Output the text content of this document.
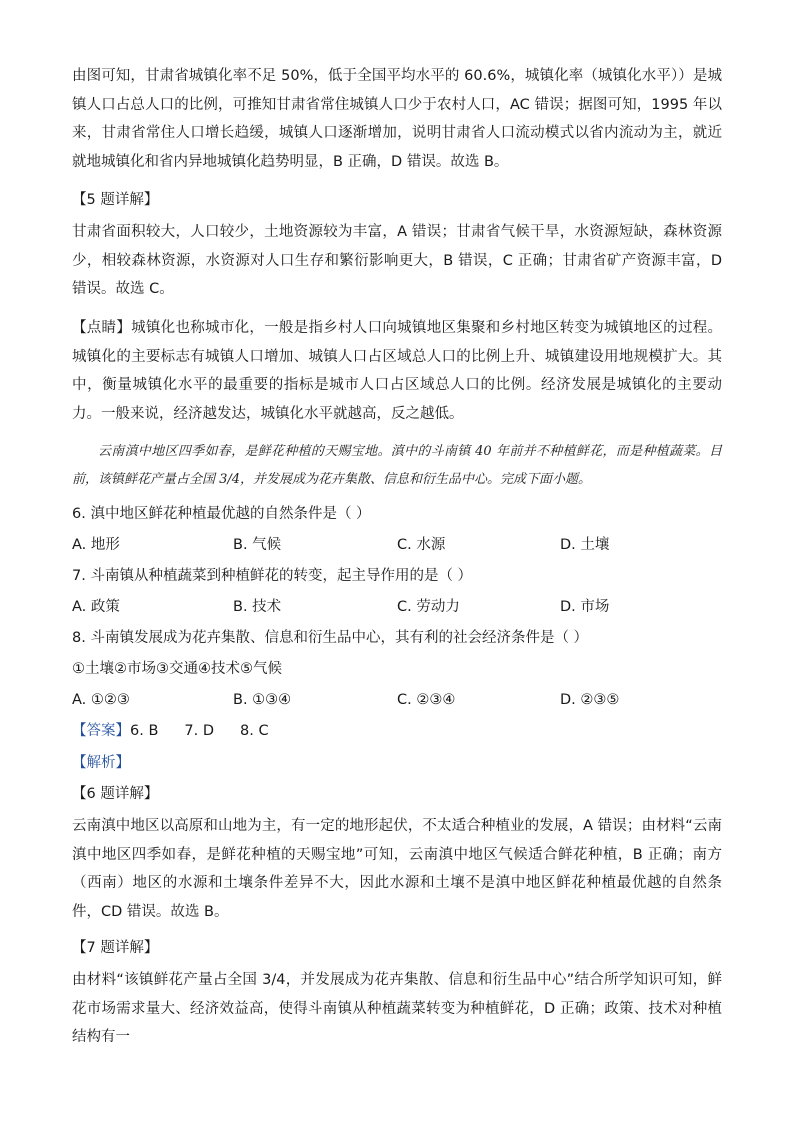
由图可知，甘肃省城镇化率不足 50%，低于全国平均水平的 60.6%，城镇化率（城镇化水平））是城镇人口占总人口的比例，可推知甘肃省常住城镇人口少于农村人口，AC 错误；据图可知，1995 年以来，甘肃省常住人口增长趋缓，城镇人口逐渐增加，说明甘肃省人口流动模式以省内流动为主，就近就地城镇化和省内异地城镇化趋势明显，B 正确，D 错误。故选 B。
【5 题详解】
甘肃省面积较大，人口较少，土地资源较为丰富，A 错误；甘肃省气候干旱，水资源短缺，森林资源少，相较森林资源，水资源对人口生存和繁衍影响更大，B 错误，C 正确；甘肃省矿产资源丰富，D 错误。故选 C。
【点睛】城镇化也称城市化，一般是指乡村人口向城镇地区集聚和乡村地区转变为城镇地区的过程。城镇化的主要标志有城镇人口增加、城镇人口占区域总人口的比例上升、城镇建设用地规模扩大。其中，衡量城镇化水平的最重要的指标是城市人口占区域总人口的比例。经济发展是城镇化的主要动力。一般来说，经济越发达，城镇化水平就越高，反之越低。
云南滇中地区四季如春，是鲜花种植的天赐宝地。滇中的斗南镇 40 年前并不种植鲜花，而是种植蔬菜。目前，该镇鲜花产量占全国 3/4，并发展成为花卉集散、信息和衍生品中心。完成下面小题。
6. 滇中地区鲜花种植最优越的自然条件是（ ）
A. 地形	B. 气候	C. 水源	D. 土壤
7. 斗南镇从种植蔬菜到种植鲜花的转变，起主导作用的是（ ）
A. 政策	B. 技术	C. 劳动力	D. 市场
8. 斗南镇发展成为花卉集散、信息和衍生品中心，其有利的社会经济条件是（ ）
①土壤②市场③交通④技术⑤气候
A. ①②③	B. ①③④	C. ②③④	D. ②③⑤
【答案】6. B 7. D 8. C
【解析】
【6 题详解】
云南滇中地区以高原和山地为主，有一定的地形起伏，不太适合种植业的发展，A 错误；由材料“云南滇中地区四季如春，是鲜花种植的天赐宝地”可知，云南滇中地区气候适合鲜花种植，B 正确；南方（西南）地区的水源和土壤条件差异不大，因此水源和土壤不是滇中地区鲜花种植最优越的自然条件，CD 错误。故选 B。
【7 题详解】
由材料“该镇鲜花产量占全国 3/4，并发展成为花卉集散、信息和衍生品中心”结合所学知识可知，鲜花市场需求量大、经济效益高，使得斗南镇从种植蔬菜转变为种植鲜花，D 正确；政策、技术对种植结构有一
